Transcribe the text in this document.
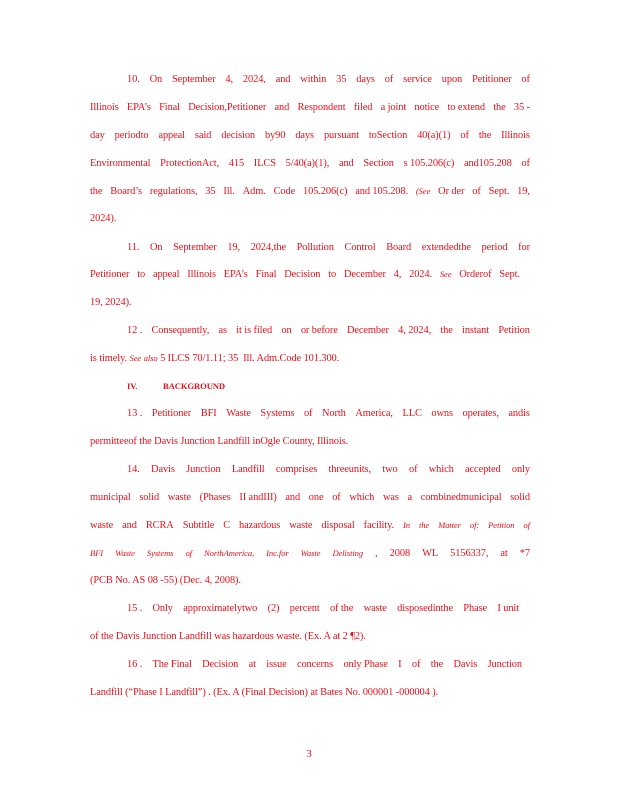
10. On September 4, 2024, and within 35 days of service upon Petitioner of
Illinois EPA’s Final Decision,Petitioner and Respondent filed a joint notice to extend the 35 -
day periodto appeal said decision by90 days pursuant toSection 40(a)(1) of the Illinois
Environmental ProtectionAct, 415 ILCS 5/40(a)(1), and Section s 105.206(c) and105.208 of
the Board’s regulations, 35 Ill. Adm. Code 105.206(c) and 105.208. (See Or der of Sept. 19,
2024).
11. On September 19, 2024,the Pollution Control Board extendedthe period for
Petitioner to appeal Illinois EPA’s Final Decision to December 4, 2024. See Orderof Sept.
19, 2024).
12 . Consequently, as it is filed on or before December 4, 2024, the instant Petition
is timely. See also 5 ILCS 70/1.11; 35  Ill. Adm.Code 101.300.
IV.	BACKGROUND
13 . Petitioner BFI Waste Systems of North America, LLC owns operates, andis
permitteeof the Davis Junction Landfill inOgle County, Illinois.
14. Davis Junction Landfill comprises threeunits, two of which accepted only
municipal solid waste (Phases II andIII) and one of which was a combinedmunicipal solid
waste and RCRA Subtitle C hazardous waste disposal facility. In the Matter of: Petition of
BFI Waste Systems of NorthAmerica, Inc.for Waste Delisting , 2008 WL 5156337, at *7
(PCB No. AS 08 -55) (Dec. 4, 2008).
15 . Only approximatelytwo (2) percent of the waste disposedinthe Phase I unit
of the Davis Junction Landfill was hazardous waste. (Ex. A at 2 ¶2).
16 . The Final Decision at issue concerns only Phase I of the Davis Junction
Landfill (“Phase I Landfill”) . (Ex. A (Final Decision) at Bates No. 000001 -000004 ).
3
